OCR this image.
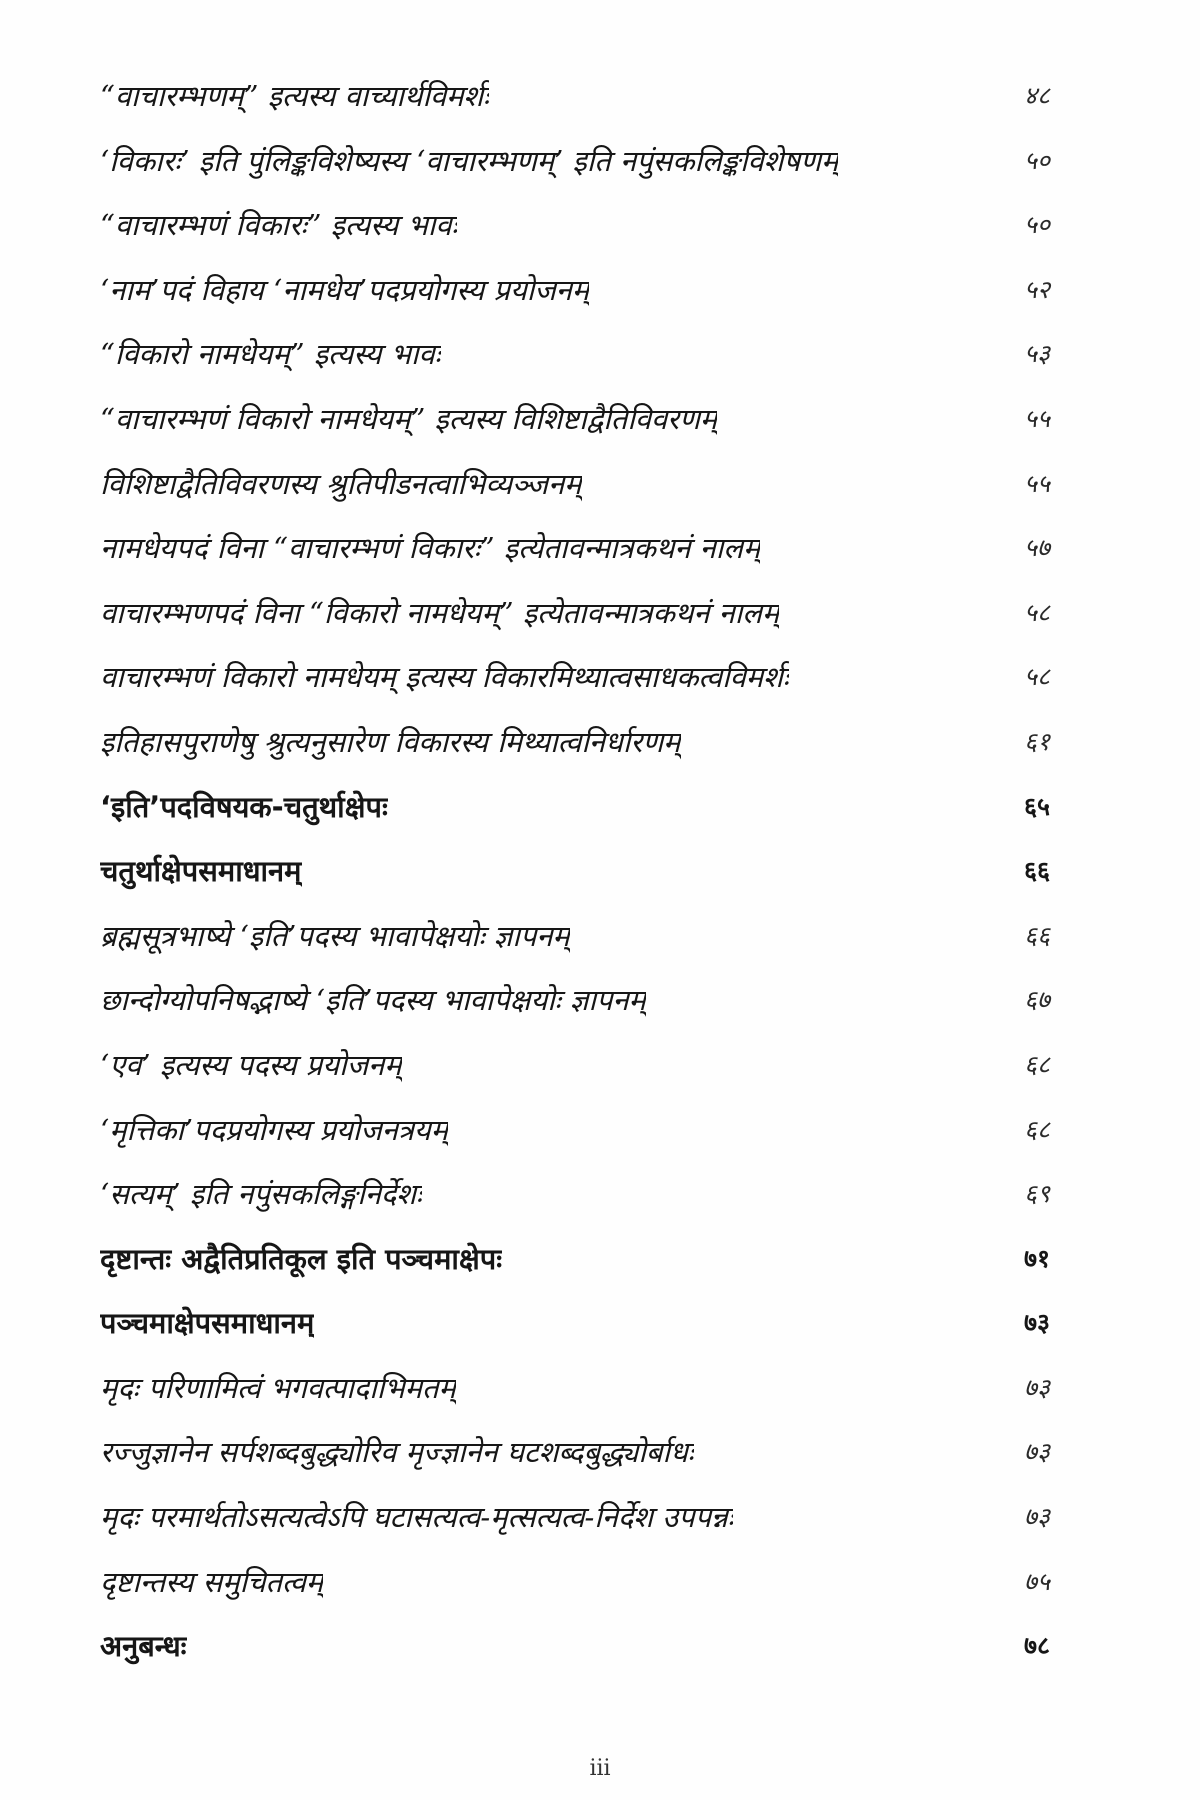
“वाचारम्भणम्” इत्यस्य वाच्यार्थविमर्शः	४८
‘विकारः’ इति पुंलिङ्कविशेष्यस्य ‘वाचारम्भणम्’ इति नपुंसकलिङ्कविशेषणम्	५०
“वाचारम्भणं विकारः” इत्यस्य भावः	५०
‘नाम’पदं विहाय ‘नामधेय’पदप्रयोगस्य प्रयोजनम्	५२
“विकारो नामधेयम्” इत्यस्य भावः	५३
“वाचारम्भणं विकारो नामधेयम्” इत्यस्य विशिष्टाद्वैतिविवरणम्	५५
विशिष्टाद्वैतिविवरणस्य श्रुतिपीडनत्वाभिव्यञ्जनम्	५५
नामधेयपदं विना “वाचारम्भणं विकारः” इत्येतावन्मात्रकथनं नालम्	५७
वाचारम्भणपदं विना “विकारो नामधेयम्” इत्येतावन्मात्रकथनं नालम्	५८
वाचारम्भणं विकारो नामधेयम् इत्यस्य विकारमिथ्यात्वसाधकत्वविमर्शः	५८
इतिहासपुराणेषु श्रुत्यनुसारेण विकारस्य मिथ्यात्वनिर्धारणम्	६१
‘इति’पदविषयक-चतुर्थाक्षेपः	६५
चतुर्थाक्षेपसमाधानम्	६६
ब्रह्मसूत्रभाष्ये ‘इति’पदस्य भावापेक्षयोः ज्ञापनम्	६६
छान्दोग्योपनिषद्भाष्ये ‘इति’पदस्य भावापेक्षयोः ज्ञापनम्	६७
‘एव’ इत्यस्य पदस्य प्रयोजनम्	६८
‘मृत्तिका’पदप्रयोगस्य प्रयोजनत्रयम्	६८
‘सत्यम्’ इति नपुंसकलिङ्गनिर्देशः	६९
दृष्टान्तः अद्वैतिप्रतिकूल इति पञ्चमाक्षेपः	७१
पञ्चमाक्षेपसमाधानम्	७३
मृदः परिणामित्वं भगवत्पादाभिमतम्	७३
रज्जुज्ञानेन सर्पशब्दबुद्ध्योरिव मृज्ज्ञानेन घटशब्दबुद्ध्योर्बाधः	७३
मृदः परमार्थतोऽसत्यत्वेऽपि घटासत्यत्व-मृत्सत्यत्व-निर्देश उपपन्नः	७३
दृष्टान्तस्य समुचितत्वम्	७५
अनुबन्धः	७८
iii
